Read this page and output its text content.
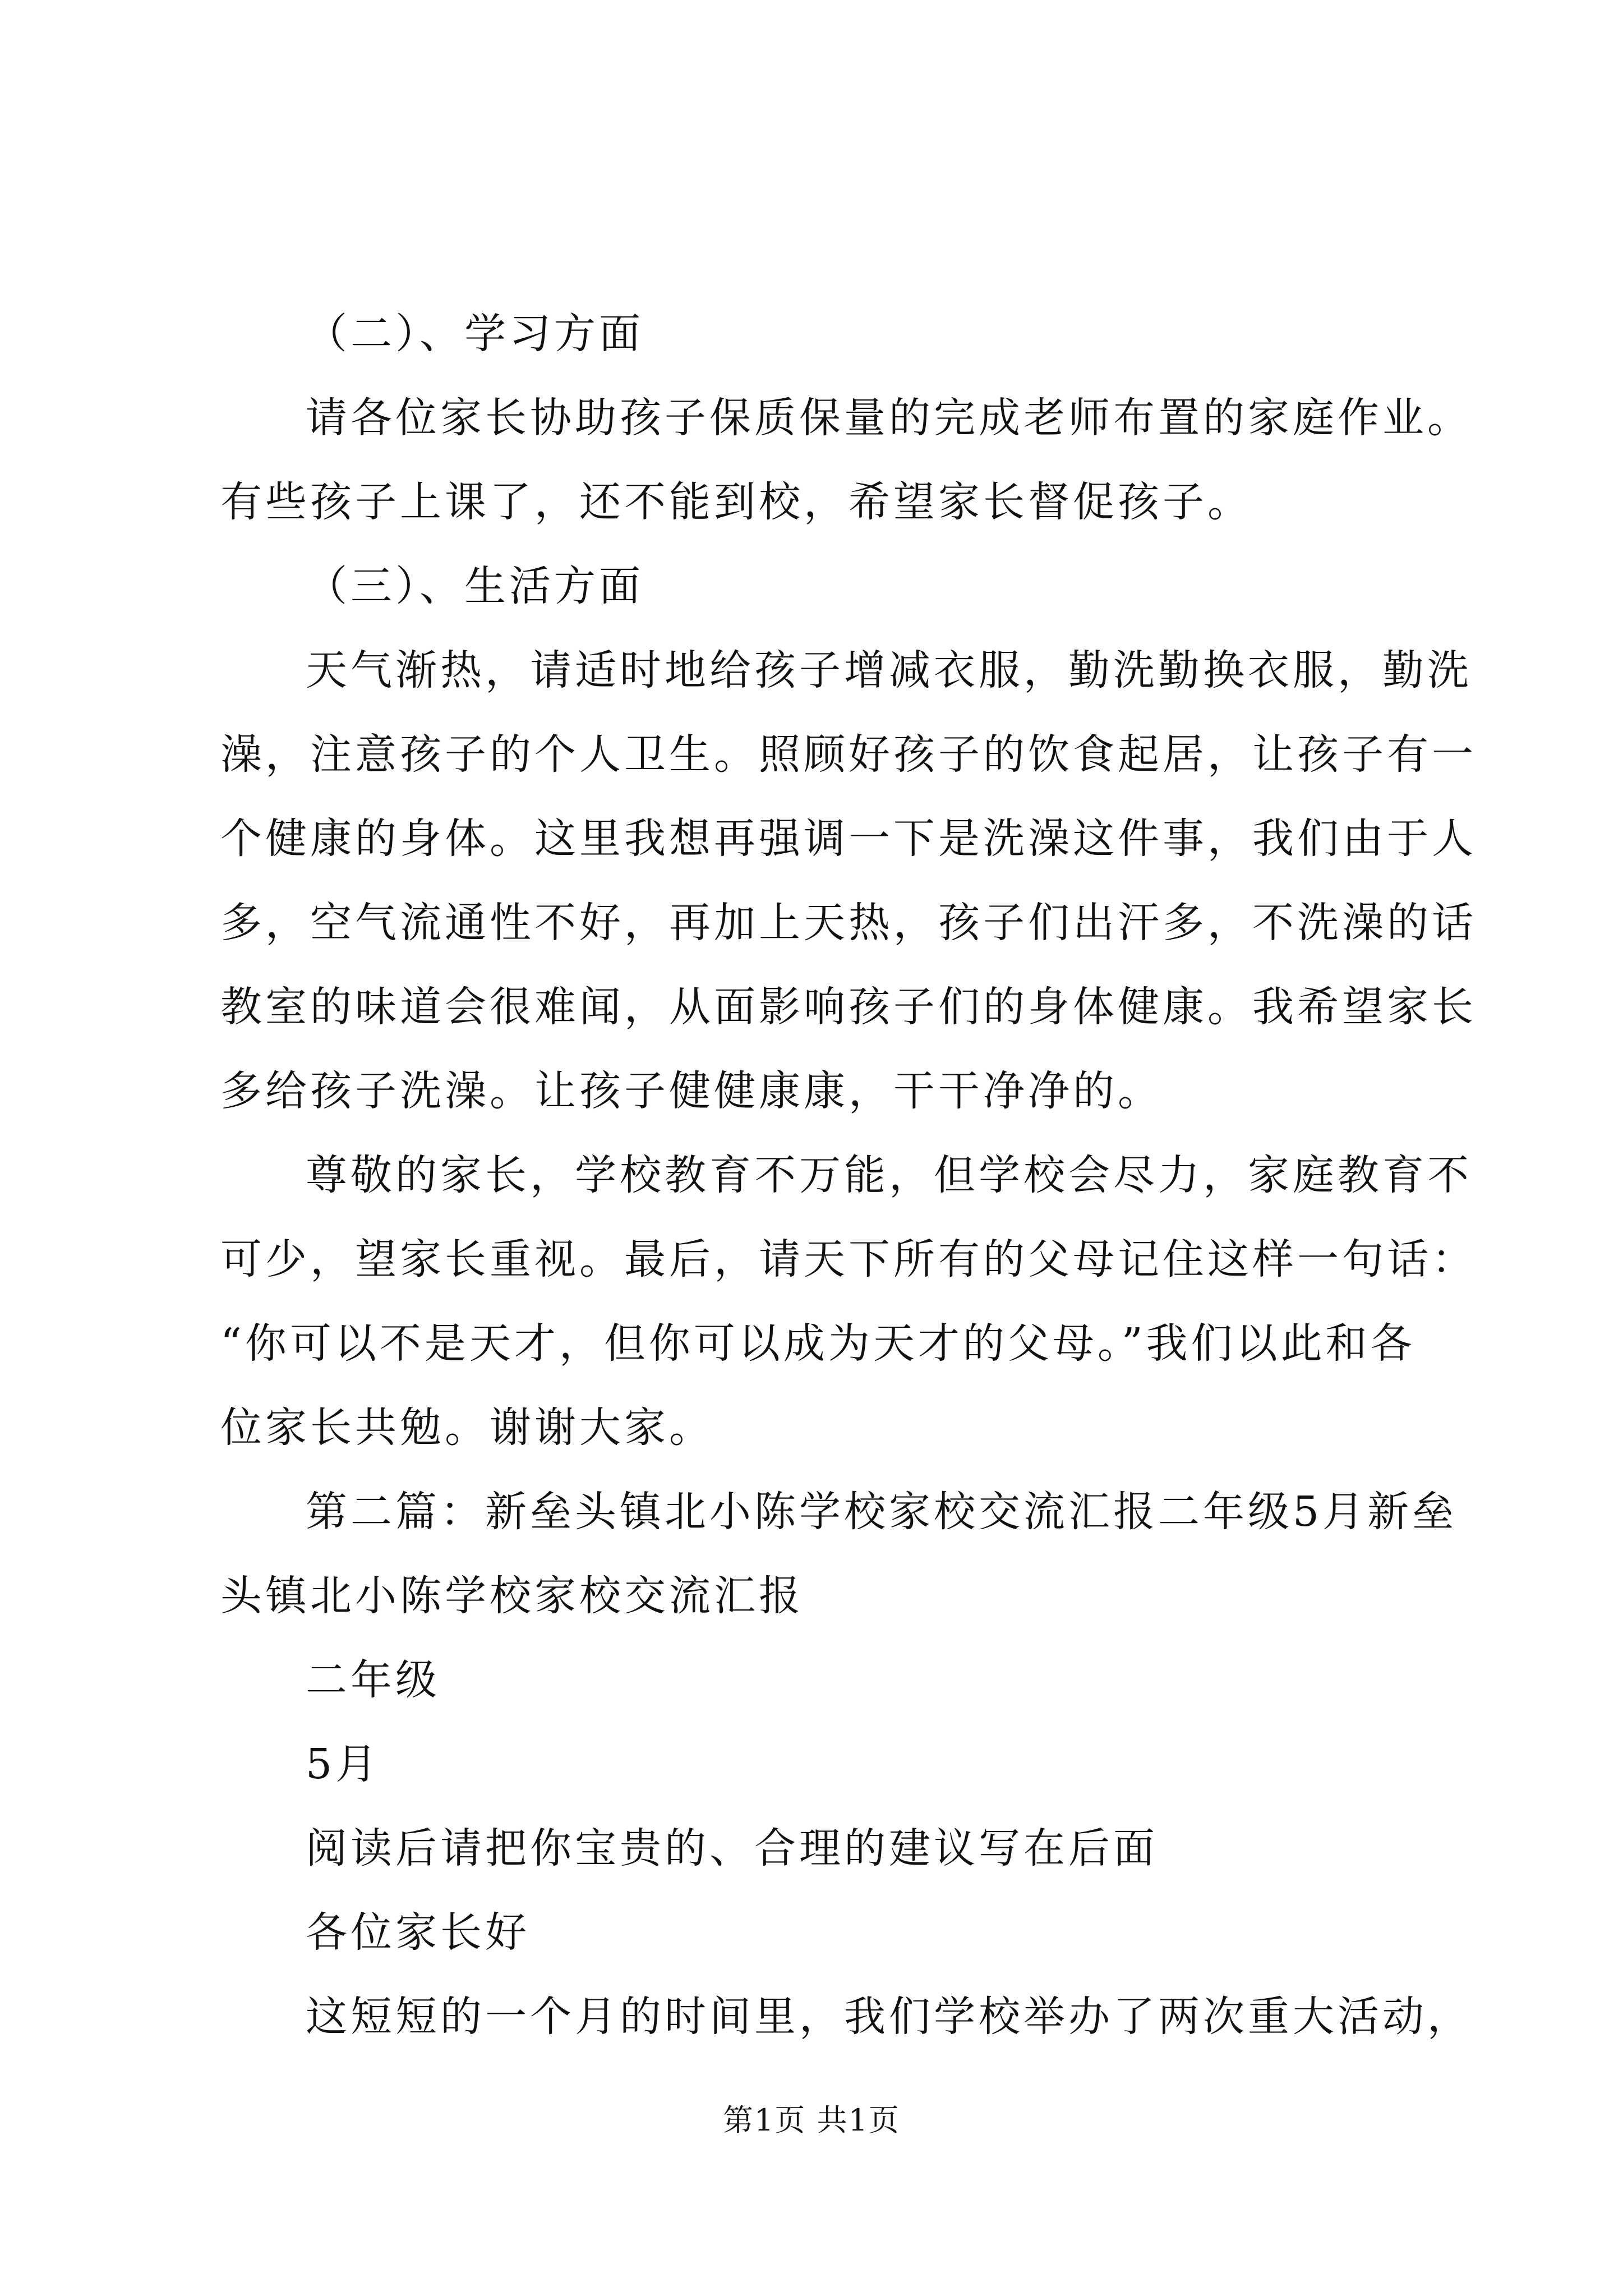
（二）、学习方面
请各位家长协助孩子保质保量的完成老师布置的家庭作业。
有些孩子上课了，还不能到校，希望家长督促孩子。
（三）、生活方面
天气渐热，请适时地给孩子增减衣服，勤洗勤换衣服，勤洗
澡，注意孩子的个人卫生。照顾好孩子的饮食起居，让孩子有一
个健康的身体。这里我想再强调一下是洗澡这件事，我们由于人
多，空气流通性不好，再加上天热，孩子们出汗多，不洗澡的话
教室的味道会很难闻，从面影响孩子们的身体健康。我希望家长
多给孩子洗澡。让孩子健健康康，干干净净的。
尊敬的家长，学校教育不万能，但学校会尽力，家庭教育不
可少，望家长重视。最后，请天下所有的父母记住这样一句话：
“你可以不是天才，但你可以成为天才的父母。”我们以此和各
位家长共勉。谢谢大家。
第二篇：新垒头镇北小陈学校家校交流汇报二年级5月新垒
头镇北小陈学校家校交流汇报
二年级
5月
阅读后请把你宝贵的、合理的建议写在后面
各位家长好
这短短的一个月的时间里，我们学校举办了两次重大活动，
第1页 共1页
